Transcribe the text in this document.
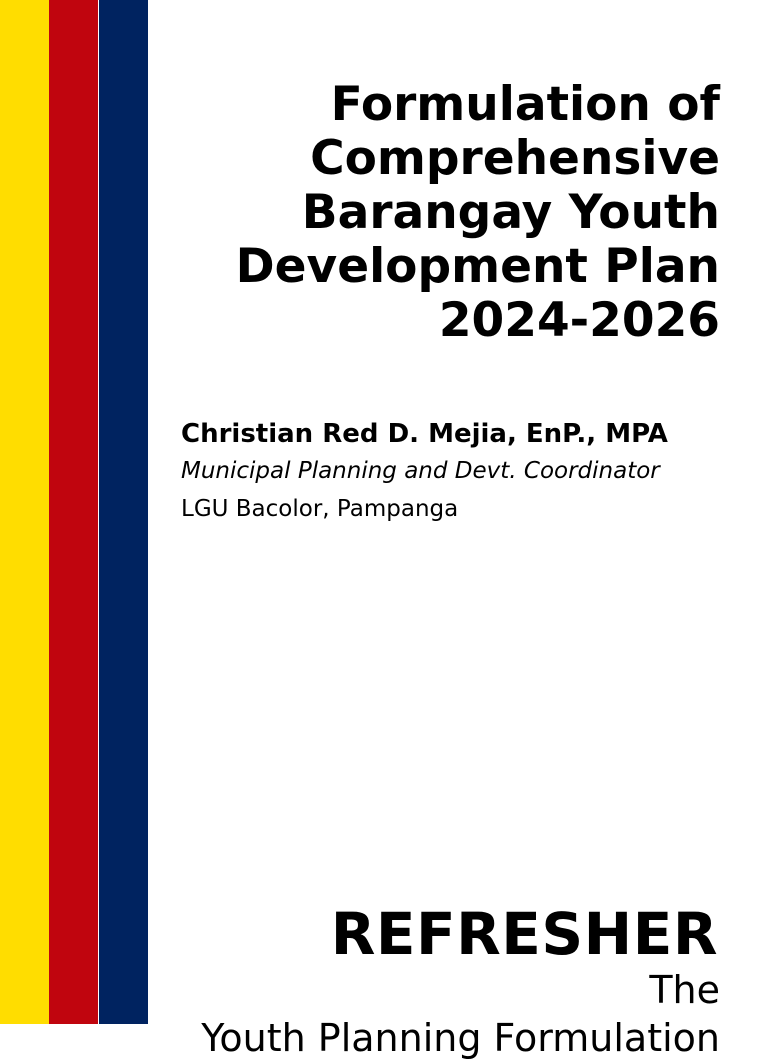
Formulation of
Comprehensive
Barangay Youth
Development Plan
2024-2026
Christian Red D. Mejia, EnP., MPA
Municipal Planning and Devt. Coordinator
LGU Bacolor, Pampanga
REFRESHER
The
Youth Planning Formulation
